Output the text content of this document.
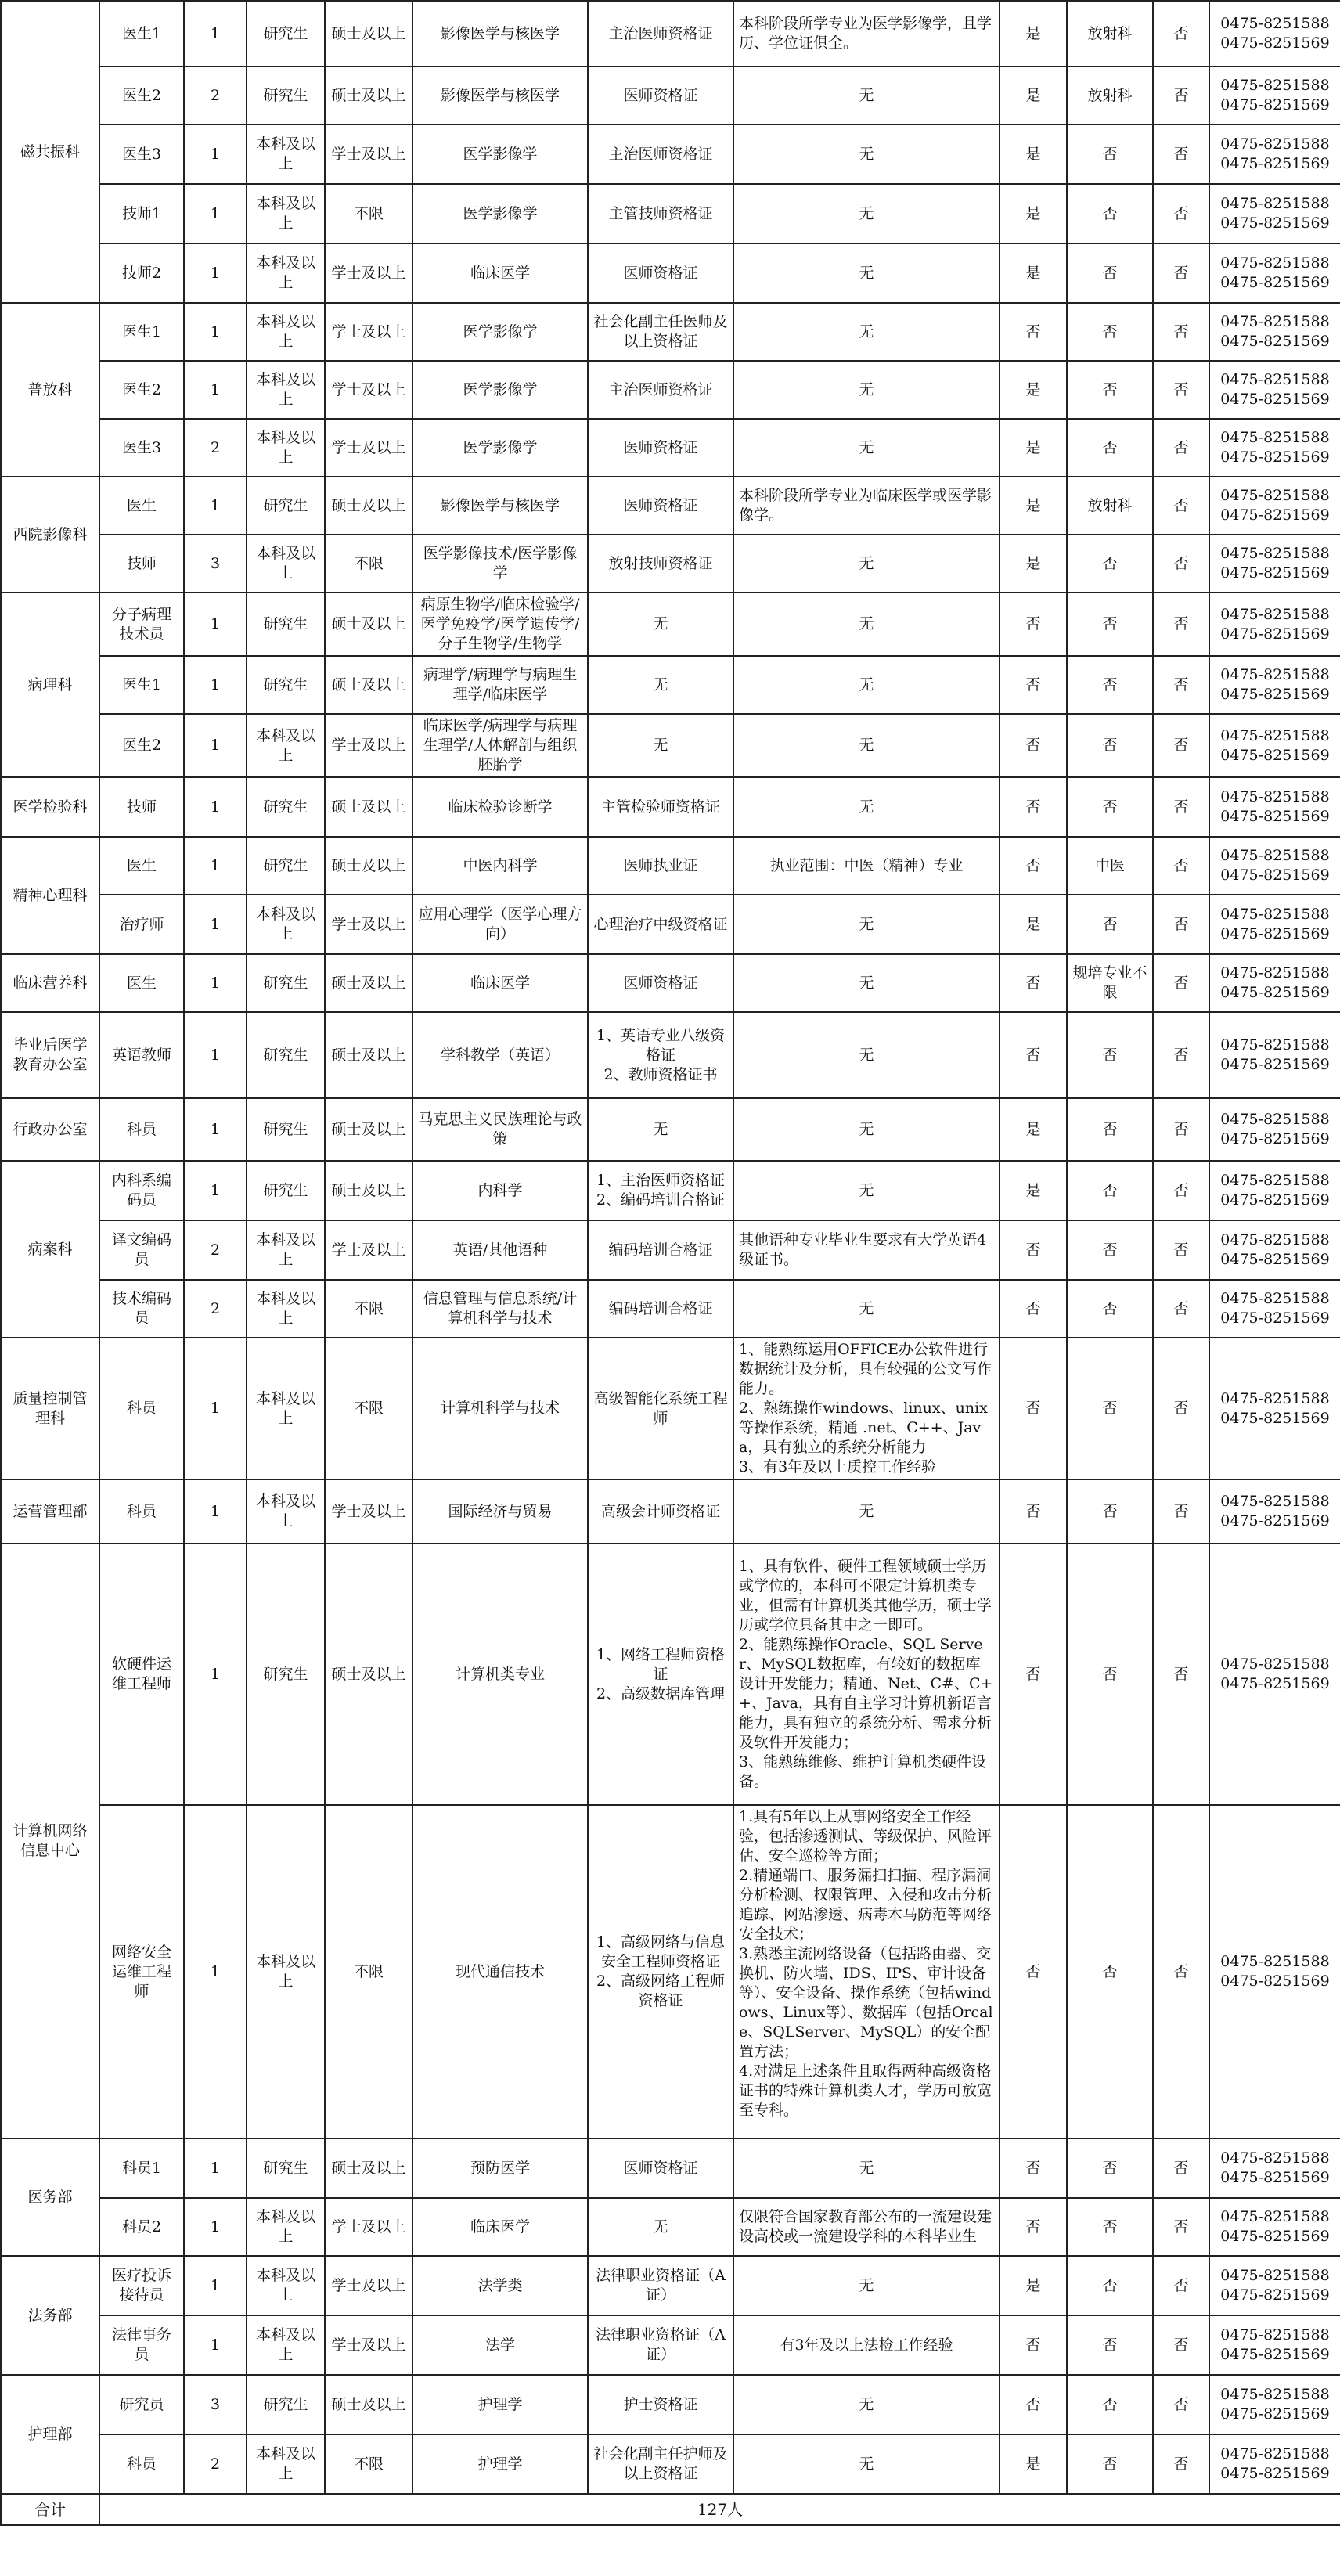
磁共振科	医生1	1	研究生	硕士及以上	影像医学与核医学	主治医师资格证	本科阶段所学专业为医学影像学，且学历、学位证俱全。	是	放射科	否	0475-8251588
0475-8251569

	医生2	2	研究生	硕士及以上	影像医学与核医学	医师资格证	无	是	放射科	否	0475-8251588
0475-8251569

	医生3	1	本科及以上	学士及以上	医学影像学	主治医师资格证	无	是	否	否	0475-8251588
0475-8251569

	技师1	1	本科及以上	不限	医学影像学	主管技师资格证	无	是	否	否	0475-8251588
0475-8251569

	技师2	1	本科及以上	学士及以上	临床医学	医师资格证	无	是	否	否	0475-8251588
0475-8251569

普放科	医生1	1	本科及以上	学士及以上	医学影像学	社会化副主任医师及以上资格证	无	否	否	否	0475-8251588
0475-8251569

	医生2	1	本科及以上	学士及以上	医学影像学	主治医师资格证	无	是	否	否	0475-8251588
0475-8251569

	医生3	2	本科及以上	学士及以上	医学影像学	医师资格证	无	是	否	否	0475-8251588
0475-8251569

西院影像科	医生	1	研究生	硕士及以上	影像医学与核医学	医师资格证	本科阶段所学专业为临床医学或医学影像学。	是	放射科	否	0475-8251588
0475-8251569

	技师	3	本科及以上	不限	医学影像技术/医学影像学	放射技师资格证	无	是	否	否	0475-8251588
0475-8251569

病理科	分子病理技术员	1	研究生	硕士及以上	病原生物学/临床检验学/医学免疫学/医学遗传学/分子生物学/生物学	无	无	否	否	否	0475-8251588
0475-8251569

	医生1	1	研究生	硕士及以上	病理学/病理学与病理生理学/临床医学	无	无	否	否	否	0475-8251588
0475-8251569

	医生2	1	本科及以上	学士及以上	临床医学/病理学与病理生理学/人体解剖与组织胚胎学	无	无	否	否	否	0475-8251588
0475-8251569

医学检验科	技师	1	研究生	硕士及以上	临床检验诊断学	主管检验师资格证	无	否	否	否	0475-8251588
0475-8251569

精神心理科	医生	1	研究生	硕士及以上	中医内科学	医师执业证	执业范围：中医（精神）专业	否	中医	否	0475-8251588
0475-8251569

	治疗师	1	本科及以上	学士及以上	应用心理学（医学心理方向）	心理治疗中级资格证	无	是	否	否	0475-8251588
0475-8251569

临床营养科	医生	1	研究生	硕士及以上	临床医学	医师资格证	无	否	规培专业不限	否	0475-8251588
0475-8251569

毕业后医学教育办公室	英语教师	1	研究生	硕士及以上	学科教学（英语）	1、英语专业八级资格证
2、教师资格证书	无	否	否	否	0475-8251588
0475-8251569

行政办公室	科员	1	研究生	硕士及以上	马克思主义民族理论与政策	无	无	是	否	否	0475-8251588
0475-8251569

病案科	内科系编码员	1	研究生	硕士及以上	内科学	1、主治医师资格证
2、编码培训合格证	无	是	否	否	0475-8251588
0475-8251569

	译文编码员	2	本科及以上	学士及以上	英语/其他语种	编码培训合格证	其他语种专业毕业生要求有大学英语4级证书。	否	否	否	0475-8251588
0475-8251569

	技术编码员	2	本科及以上	不限	信息管理与信息系统/计算机科学与技术	编码培训合格证	无	否	否	否	0475-8251588
0475-8251569

质量控制管理科	科员	1	本科及以上	不限	计算机科学与技术	高级智能化系统工程师	1、能熟练运用OFFICE办公软件进行数据统计及分析，具有较强的公文写作能力。
2、熟练操作windows、linux、unix等操作系统，精通 .net、C++、Java，具有独立的系统分析能力
3、有3年及以上质控工作经验	否	否	否	0475-8251588
0475-8251569

运营管理部	科员	1	本科及以上	学士及以上	国际经济与贸易	高级会计师资格证	无	否	否	否	0475-8251588
0475-8251569

计算机网络信息中心	软硬件运维工程师	1	研究生	硕士及以上	计算机类专业	1、网络工程师资格证
2、高级数据库管理	1、具有软件、硬件工程领域硕士学历或学位的，本科可不限定计算机类专业，但需有计算机类其他学历，硕士学历或学位具备其中之一即可。
2、能熟练操作Oracle、SQL Server、MySQL数据库，有较好的数据库设计开发能力；精通、Net、C#、C++、Java，具有自主学习计算机新语言能力，具有独立的系统分析、需求分析及软件开发能力；
3、能熟练维修、维护计算机类硬件设备。	否	否	否	0475-8251588
0475-8251569

	网络安全运维工程师	1	本科及以上	不限	现代通信技术	1、高级网络与信息安全工程师资格证
2、高级网络工程师资格证	1.具有5年以上从事网络安全工作经验，包括渗透测试、等级保护、风险评估、安全巡检等方面；
2.精通端口、服务漏扫扫描、程序漏洞分析检测、权限管理、入侵和攻击分析追踪、网站渗透、病毒木马防范等网络安全技术；
3.熟悉主流网络设备（包括路由器、交换机、防火墙、IDS、IPS、审计设备等）、安全设备、操作系统（包括windows、Linux等）、数据库（包括Orcale、SQLServer、MySQL）的安全配置方法；
4.对满足上述条件且取得两种高级资格证书的特殊计算机类人才，学历可放宽至专科。	否	否	否	0475-8251588
0475-8251569

医务部	科员1	1	研究生	硕士及以上	预防医学	医师资格证	无	否	否	否	0475-8251588
0475-8251569

	科员2	1	本科及以上	学士及以上	临床医学	无	仅限符合国家教育部公布的一流建设建设高校或一流建设学科的本科毕业生	否	否	否	0475-8251588
0475-8251569

法务部	医疗投诉接待员	1	本科及以上	学士及以上	法学类	法律职业资格证（A证）	无	是	否	否	0475-8251588
0475-8251569

	法律事务员	1	本科及以上	学士及以上	法学	法律职业资格证（A证）	有3年及以上法检工作经验	否	否	否	0475-8251588
0475-8251569

护理部	研究员	3	研究生	硕士及以上	护理学	护士资格证	无	否	否	否	0475-8251588
0475-8251569

	科员	2	本科及以上	不限	护理学	社会化副主任护师及以上资格证	无	是	否	否	0475-8251588
0475-8251569

合计	127人										
